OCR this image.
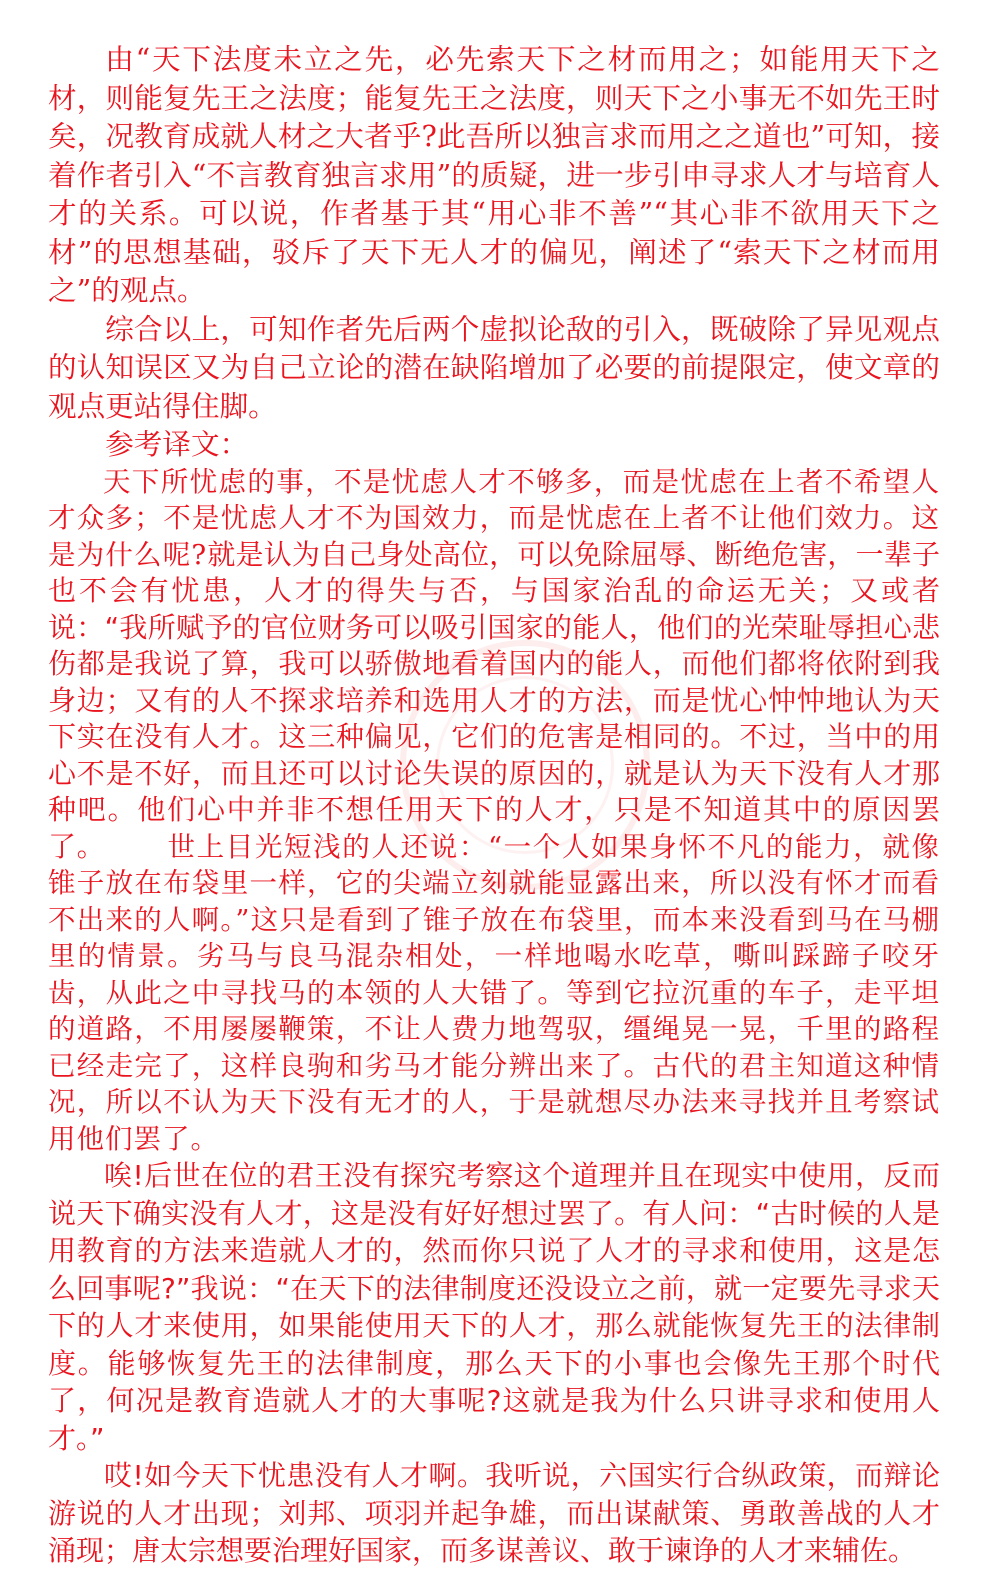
由“天下法度未立之先，必先索天下之材而用之；如能用天下之材，则能复先王之法度；能复先王之法度，则天下之小事无不如先王时矣，况教育成就人材之大者乎?此吾所以独言求而用之之道也”可知，接着作者引入“不言教育独言求用”的质疑，进一步引申寻求人才与培育人才的关系。可以说，作者基于其“用心非不善”“其心非不欲用天下之材”的思想基础，驳斥了天下无人才的偏见，阐述了“索天下之材而用之”的观点。

综合以上，可知作者先后两个虚拟论敌的引入，既破除了异见观点的认知误区又为自己立论的潜在缺陷增加了必要的前提限定，使文章的观点更站得住脚。

参考译文：

天下所忧虑的事，不是忧虑人才不够多，而是忧虑在上者不希望人才众多；不是忧虑人才不为国效力，而是忧虑在上者不让他们效力。这是为什么呢?就是认为自己身处高位，可以免除屈辱、断绝危害，一辈子也不会有忧患，人才的得失与否，与国家治乱的命运无关；又或者说：“我所赋予的官位财务可以吸引国家的能人，他们的光荣耻辱担心悲伤都是我说了算，我可以骄傲地看着国内的能人，而他们都将依附到我身边；又有的人不探求培养和选用人才的方法，而是忧心忡忡地认为天下实在没有人才。这三种偏见，它们的危害是相同的。不过，当中的用心不是不好，而且还可以讨论失误的原因的，就是认为天下没有人才那种吧。他们心中并非不想任用天下的人才，只是不知道其中的原因罢了。 世上目光短浅的人还说：“一个人如果身怀不凡的能力，就像锥子放在布袋里一样，它的尖端立刻就能显露出来，所以没有怀才而看不出来的人啊。”这只是看到了锥子放在布袋里，而本来没看到马在马棚里的情景。劣马与良马混杂相处，一样地喝水吃草，嘶叫踩蹄子咬牙齿，从此之中寻找马的本领的人大错了。等到它拉沉重的车子，走平坦的道路，不用屡屡鞭策，不让人费力地驾驭，缰绳晃一晃，千里的路程已经走完了，这样良驹和劣马才能分辨出来了。古代的君主知道这种情况，所以不认为天下没有无才的人，于是就想尽办法来寻找并且考察试用他们罢了。

唉!后世在位的君王没有探究考察这个道理并且在现实中使用，反而说天下确实没有人才，这是没有好好想过罢了。有人问：“古时候的人是用教育的方法来造就人才的，然而你只说了人才的寻求和使用，这是怎么回事呢?”我说：“在天下的法律制度还没设立之前，就一定要先寻求天下的人才来使用，如果能使用天下的人才，那么就能恢复先王的法律制度。能够恢复先王的法律制度，那么天下的小事也会像先王那个时代了，何况是教育造就人才的大事呢?这就是我为什么只讲寻求和使用人才。”

哎!如今天下忧患没有人才啊。我听说，六国实行合纵政策，而辩论游说的人才出现；刘邦、项羽并起争雄，而出谋献策、勇敢善战的人才涌现；唐太宗想要治理好国家，而多谋善议、敢于谏诤的人才来辅佐。
